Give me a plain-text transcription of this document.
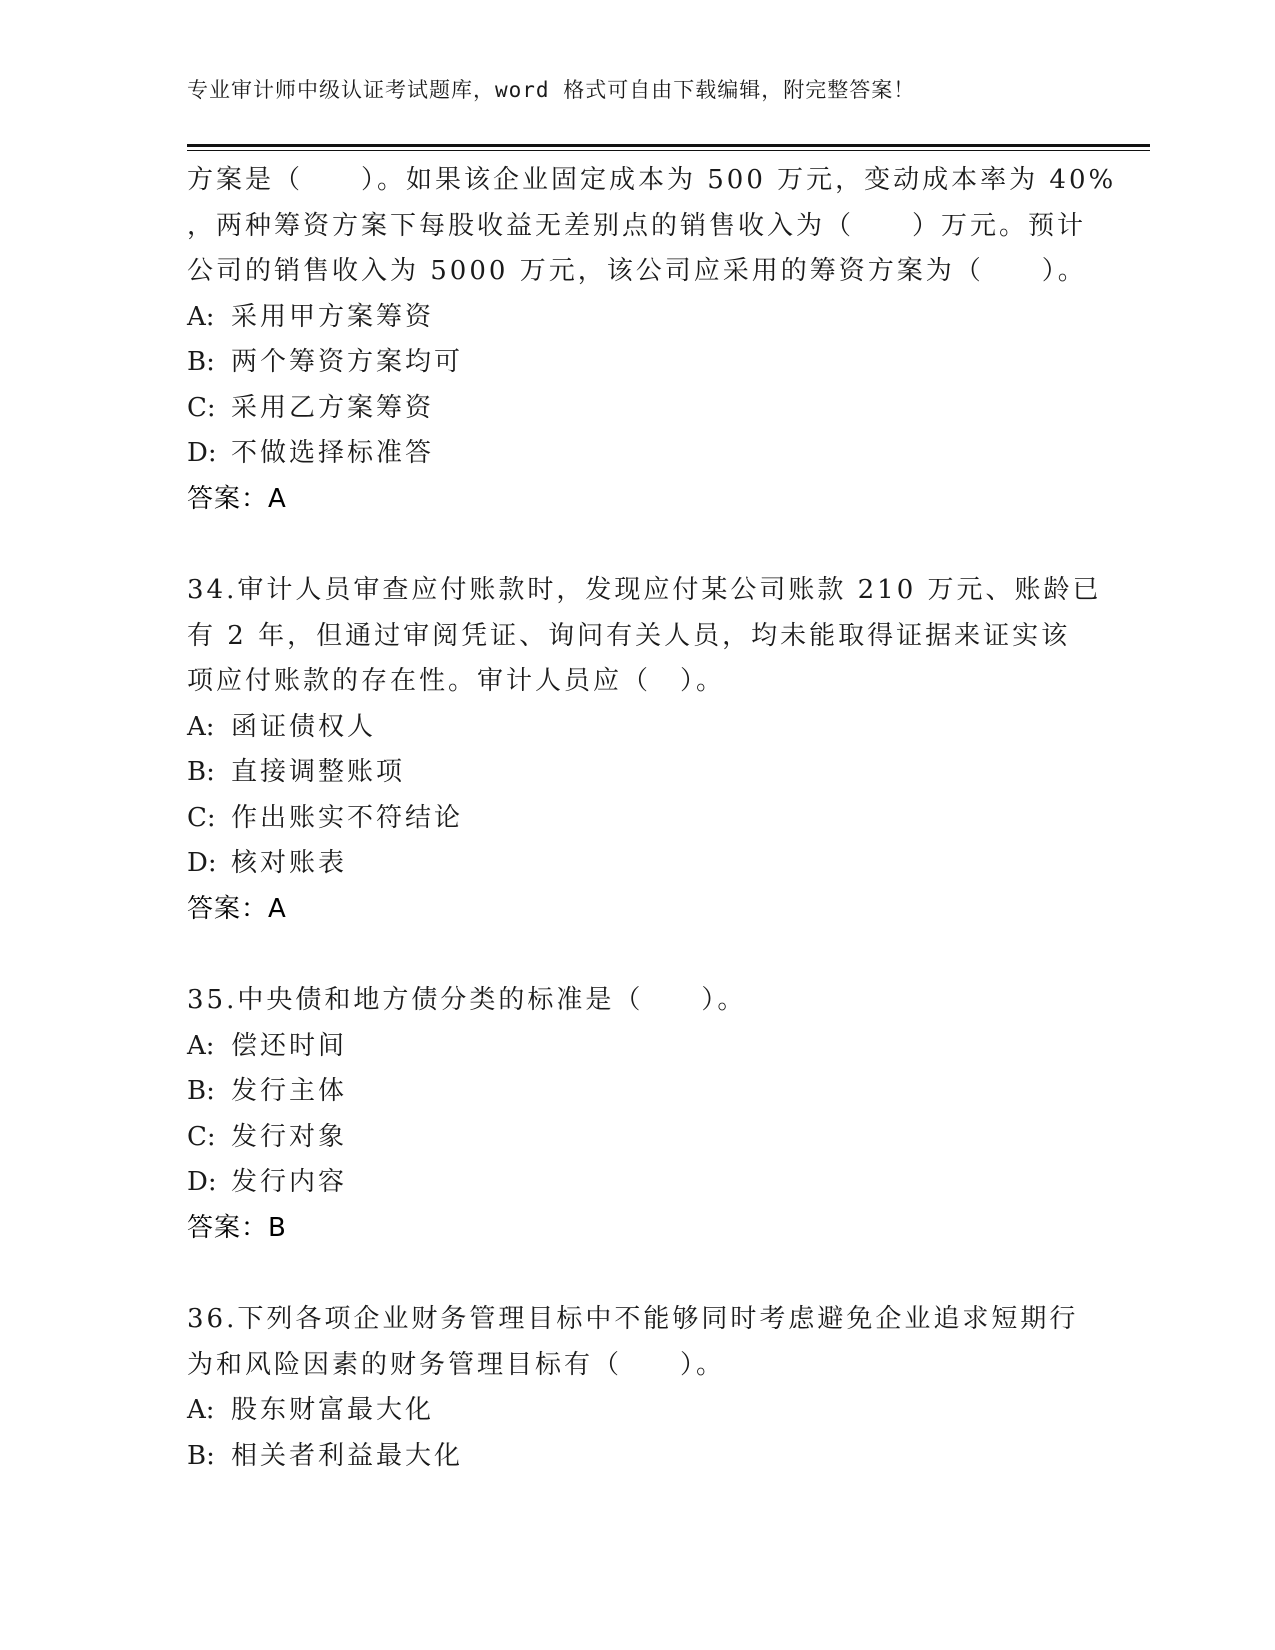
专业审计师中级认证考试题库，word 格式可自由下载编辑，附完整答案！
方案是（　　）。如果该企业固定成本为 500 万元，变动成本率为 40%
，两种筹资方案下每股收益无差别点的销售收入为（　　）万元。预计
公司的销售收入为 5000 万元，该公司应采用的筹资方案为（　　）。
A: 采用甲方案筹资
B: 两个筹资方案均可
C: 采用乙方案筹资
D: 不做选择标准答
答案：A
34.审计人员审查应付账款时，发现应付某公司账款 210 万元、账龄已
有 2 年，但通过审阅凭证、询问有关人员，均未能取得证据来证实该
项应付账款的存在性。审计人员应（　）。
A: 函证债权人
B: 直接调整账项
C: 作出账实不符结论
D: 核对账表
答案：A
35.中央债和地方债分类的标准是（　　）。
A: 偿还时间
B: 发行主体
C: 发行对象
D: 发行内容
答案：B
36.下列各项企业财务管理目标中不能够同时考虑避免企业追求短期行
为和风险因素的财务管理目标有（　　）。
A: 股东财富最大化
B: 相关者利益最大化
